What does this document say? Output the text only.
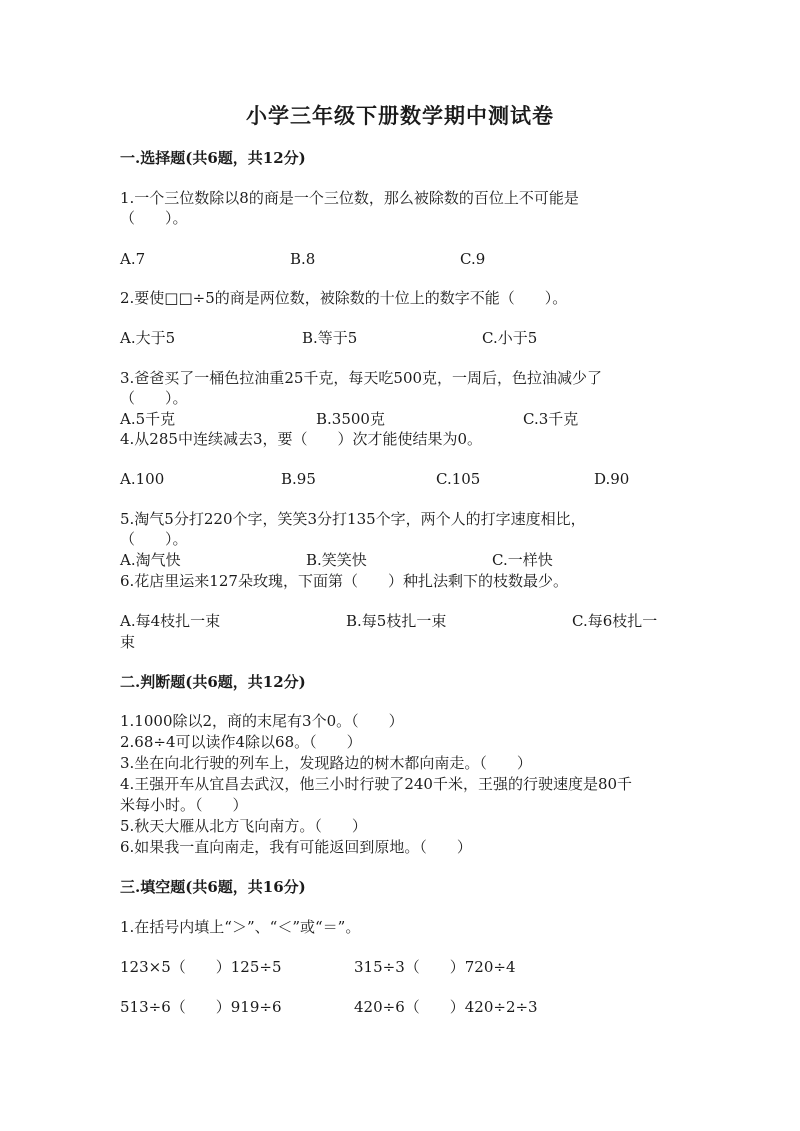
小学三年级下册数学期中测试卷
一.选择题(共6题，共12分)
1.一个三位数除以8的商是一个三位数，那么被除数的百位上不可能是
（　　）。
A.7	B.8	C.9
2.要使□□÷5的商是两位数，被除数的十位上的数字不能（　　）。
A.大于5	B.等于5	C.小于5
3.爸爸买了一桶色拉油重25千克，每天吃500克，一周后，色拉油减少了
（　　）。
A.5千克	B.3500克	C.3千克
4.从285中连续减去3，要（　　）次才能使结果为0。
A.100	B.95	C.105	D.90
5.淘气5分打220个字，笑笑3分打135个字，两个人的打字速度相比，
（　　）。
A.淘气快	B.笑笑快	C.一样快
6.花店里运来127朵玫瑰，下面第（　　）种扎法剩下的枝数最少。
A.每4枝扎一束	B.每5枝扎一束	C.每6枝扎一
束
二.判断题(共6题，共12分)
1.1000除以2，商的末尾有3个0。（　　）
2.68÷4可以读作4除以68。（　　）
3.坐在向北行驶的列车上，发现路边的树木都向南走。（　　）
4.王强开车从宜昌去武汉，他三小时行驶了240千米，王强的行驶速度是80千
米每小时。（　　）
5.秋天大雁从北方飞向南方。（　　）
6.如果我一直向南走，我有可能返回到原地。（　　）
三.填空题(共6题，共16分)
1.在括号内填上“＞”、“＜”或“＝”。
123×5（　　）125÷5	315÷3（　　）720÷4
513÷6（　　）919÷6	420÷6（　　）420÷2÷3
